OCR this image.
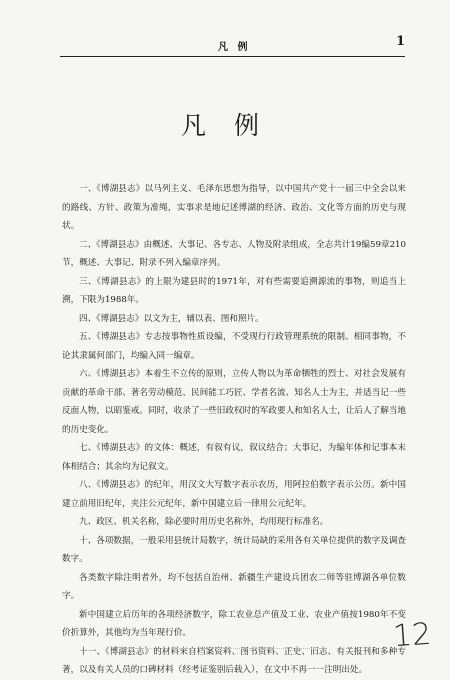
凡 例	1
凡 例

一、《博湖县志》以马列主义、毛泽东思想为指导，以中国共产党十一届三中全会以来的路线、方针、政策为准绳，实事求是地记述博湖的经济、政治、文化等方面的历史与现状。

二、《博湖县志》由概述、大事记、各专志、人物及附录组成，全志共计19编59章210节，概述、大事记、附录不列入编章序列。

三、《博湖县志》的上限为建县时的1971年，对有些需要追溯源流的事物，则追当上溯，下限为1988年。

四、《博湖县志》以文为主，辅以表、图和照片。

五、《博湖县志》专志按事物性质设编，不受现行行政管理系统的限制。相同事物，不论其隶属何部门，均编入同一编章。

六、《博湖县志》本着生不立传的原则，立传人物以为革命牺牲的烈士、对社会发展有贡献的革命干部、著名劳动模范、民间能工巧匠、学者名流、知名人士为主，并适当记一些反面人物，以昭鉴戒。同时，收录了一些旧政权时的军政要人和知名人士，让后人了解当地的历史变化。

七、《博湖县志》的文体：概述，有叙有议，叙议结合；大事记，为编年体和记事本末体相结合；其余均为记叙文。

八、《博湖县志》的纪年，用汉文大写数字表示农历，用阿拉伯数字表示公历。新中国建立前用旧纪年，夹注公元纪年，新中国建立后一律用公元纪年。

九、政区、机关名称，除必要时用历史名称外，均用现行标准名。

十、各项数据，一般采用县统计局数字，统计局缺的采用各有关单位提供的数字及调查数字。

各类数字除注明者外，均不包括自治州、新疆生产建设兵团农二师等驻博湖各单位数字。

新中国建立后历年的各项经济数字，除工农业总产值及工业、农业产值按1980年不变价折算外，其他均为当年现行价。

十一、《博湖县志》的材料来自档案资料、图书资料、正史、旧志、有关报刊和多种专著，以及有关人员的口碑材料（经考证鉴别后载入），在文中不再一一注明出处。

12
